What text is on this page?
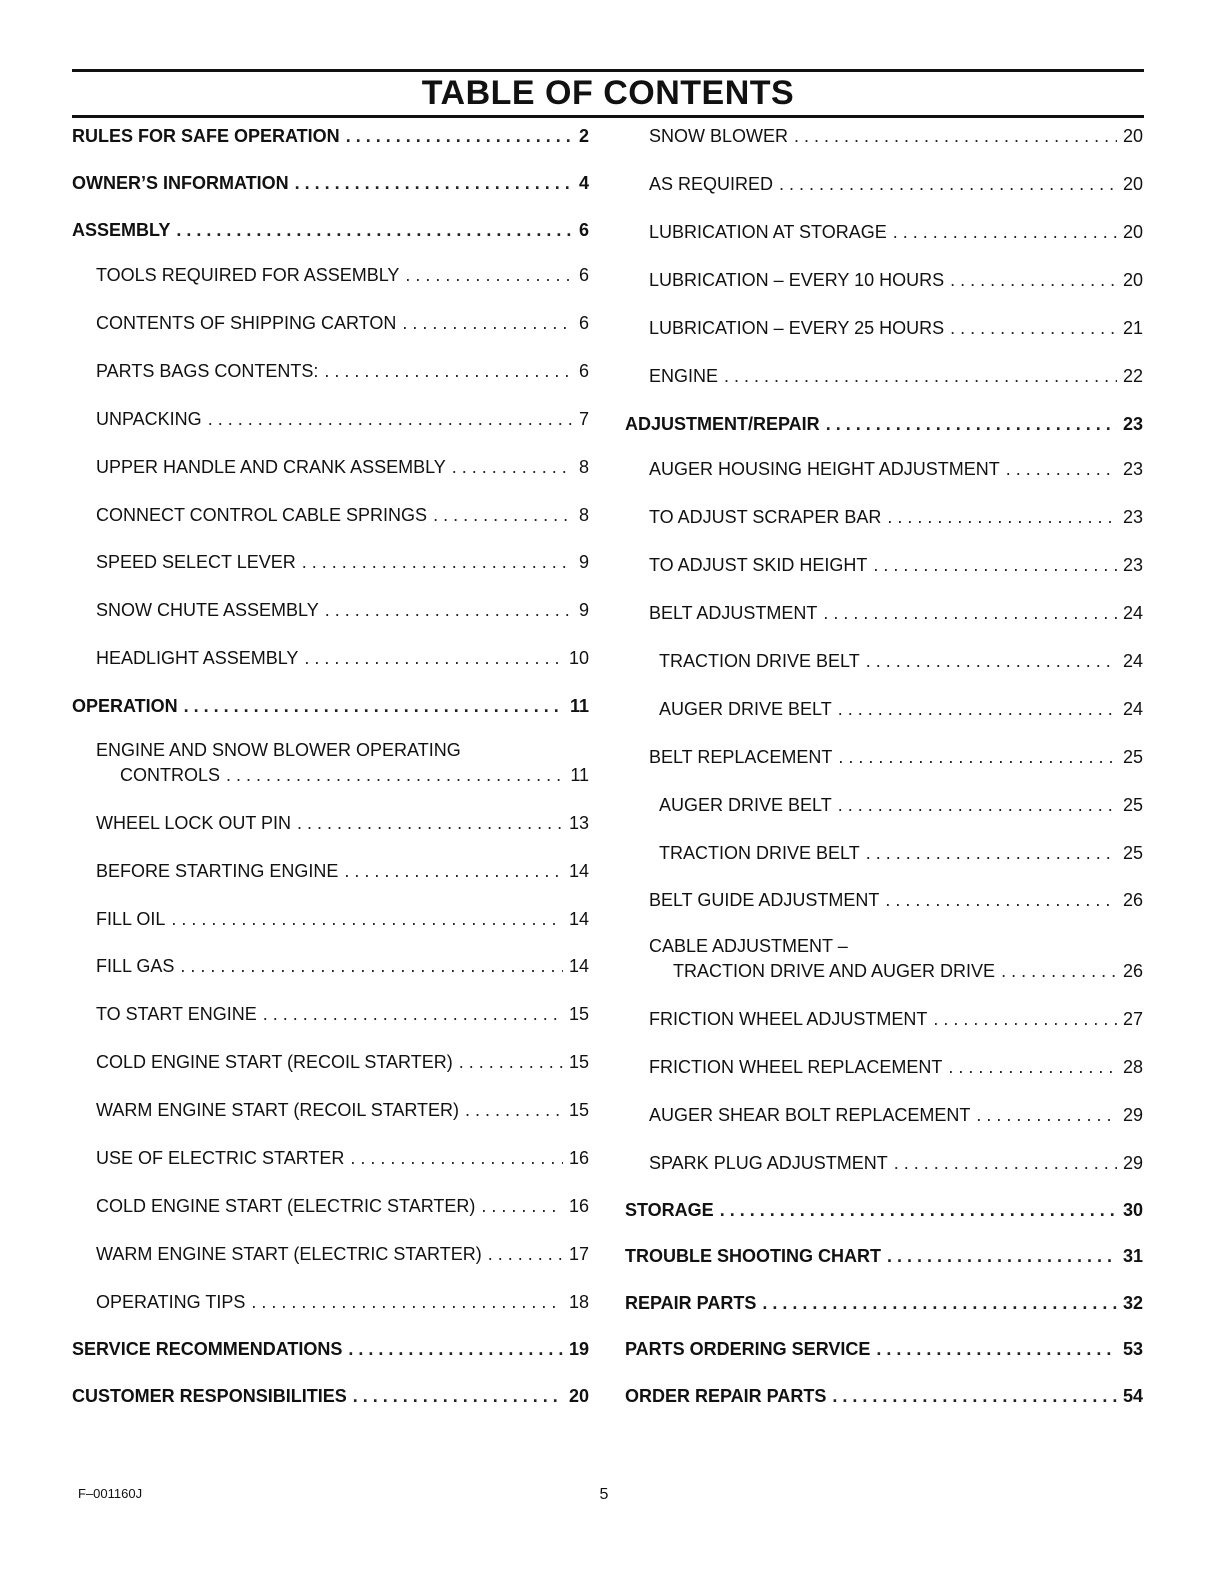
TABLE OF CONTENTS
RULES FOR SAFE OPERATION . . .	2
OWNER’S INFORMATION . . .	4
ASSEMBLY . . .	6
TOOLS REQUIRED FOR ASSEMBLY . . .	6
CONTENTS OF SHIPPING CARTON . . .	6
PARTS BAGS CONTENTS: . . .	6
UNPACKING . . .	7
UPPER HANDLE AND CRANK ASSEMBLY . . .	8
CONNECT CONTROL CABLE SPRINGS . . .	8
SPEED SELECT LEVER . . .	9
SNOW CHUTE ASSEMBLY . . .	9
HEADLIGHT ASSEMBLY . . .	10
OPERATION . . .	11
ENGINE AND SNOW BLOWER OPERATING
CONTROLS . . .	11
WHEEL LOCK OUT PIN . . .	13
BEFORE STARTING ENGINE . . .	14
FILL OIL . . .	14
FILL GAS . . .	14
TO START ENGINE . . .	15
COLD ENGINE START (RECOIL STARTER) . . .	15
WARM ENGINE START (RECOIL STARTER) . . .	15
USE OF ELECTRIC STARTER . . .	16
COLD ENGINE START (ELECTRIC STARTER) . . .	16
WARM ENGINE START (ELECTRIC STARTER) . . .	17
OPERATING TIPS . . .	18
SERVICE RECOMMENDATIONS . . .	19
CUSTOMER RESPONSIBILITIES . . .	20
SNOW BLOWER . . .	20
AS REQUIRED . . .	20
LUBRICATION AT STORAGE . . .	20
LUBRICATION – EVERY 10 HOURS . . .	20
LUBRICATION – EVERY 25 HOURS . . .	21
ENGINE . . .	22
ADJUSTMENT/REPAIR . . .	23
AUGER HOUSING HEIGHT ADJUSTMENT . . .	23
TO ADJUST SCRAPER BAR . . .	23
TO ADJUST SKID HEIGHT . . .	23
BELT ADJUSTMENT . . .	24
TRACTION DRIVE BELT . . .	24
AUGER DRIVE BELT . . .	24
BELT REPLACEMENT . . .	25
AUGER DRIVE BELT . . .	25
TRACTION DRIVE BELT . . .	25
BELT GUIDE ADJUSTMENT . . .	26
CABLE ADJUSTMENT –
TRACTION DRIVE AND AUGER DRIVE . . .	26
FRICTION WHEEL ADJUSTMENT . . .	27
FRICTION WHEEL REPLACEMENT . . .	28
AUGER SHEAR BOLT REPLACEMENT . . .	29
SPARK PLUG ADJUSTMENT . . .	29
STORAGE . . .	30
TROUBLE SHOOTING CHART . . .	31
REPAIR PARTS . . .	32
PARTS ORDERING SERVICE . . .	53
ORDER REPAIR PARTS . . .	54
F–001160J	5
